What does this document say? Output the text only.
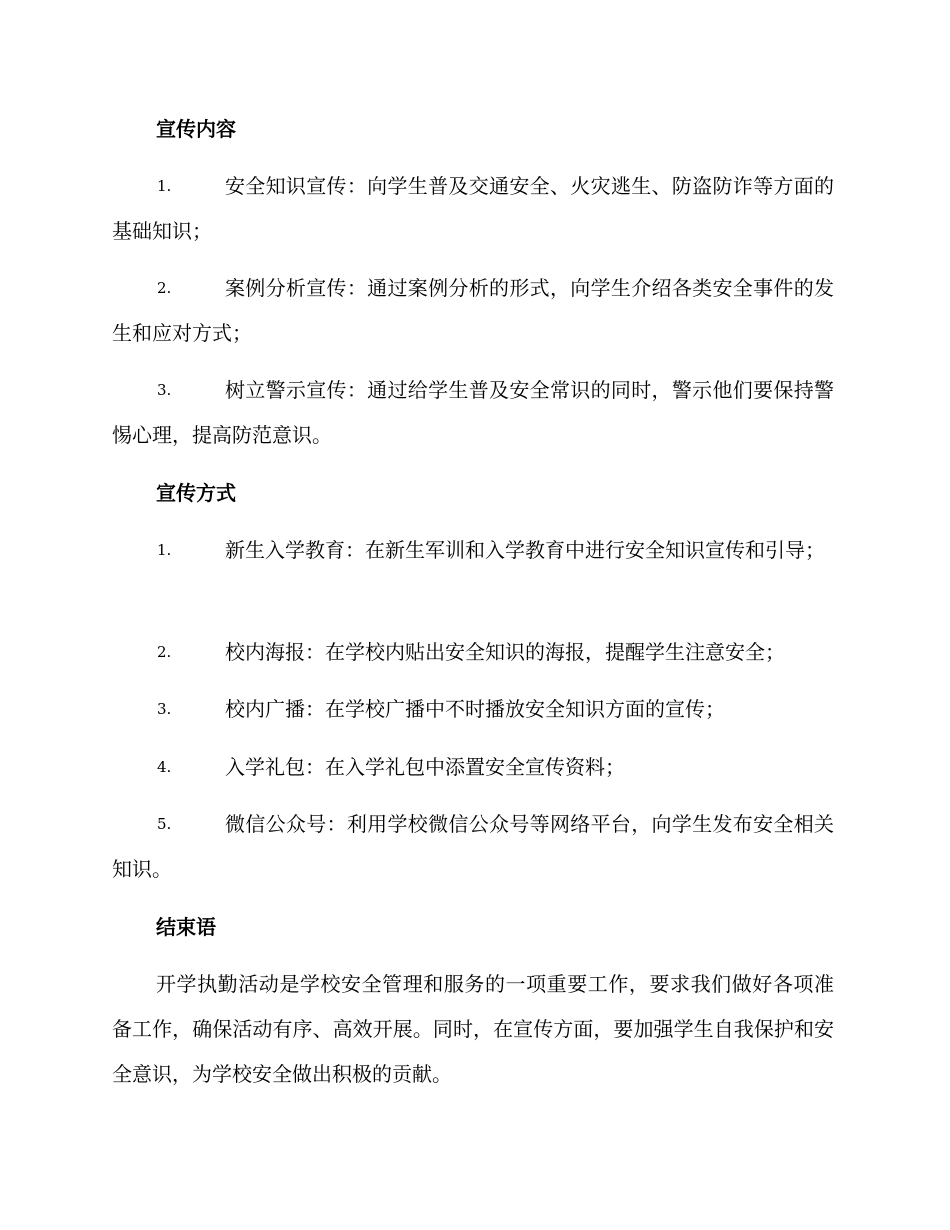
宣传内容
1.	安全知识宣传：向学生普及交通安全、火灾逃生、防盗防诈等方面的基础知识；
2.	案例分析宣传：通过案例分析的形式，向学生介绍各类安全事件的发生和应对方式；
3.	树立警示宣传：通过给学生普及安全常识的同时，警示他们要保持警惕心理，提高防范意识。
宣传方式
1.	新生入学教育：在新生军训和入学教育中进行安全知识宣传和引导；
2.	校内海报：在学校内贴出安全知识的海报，提醒学生注意安全；
3.	校内广播：在学校广播中不时播放安全知识方面的宣传；
4.	入学礼包：在入学礼包中添置安全宣传资料；
5.	微信公众号：利用学校微信公众号等网络平台，向学生发布安全相关知识。
结束语

开学执勤活动是学校安全管理和服务的一项重要工作，要求我们做好各项准备工作，确保活动有序、高效开展。同时，在宣传方面，要加强学生自我保护和安全意识，为学校安全做出积极的贡献。
